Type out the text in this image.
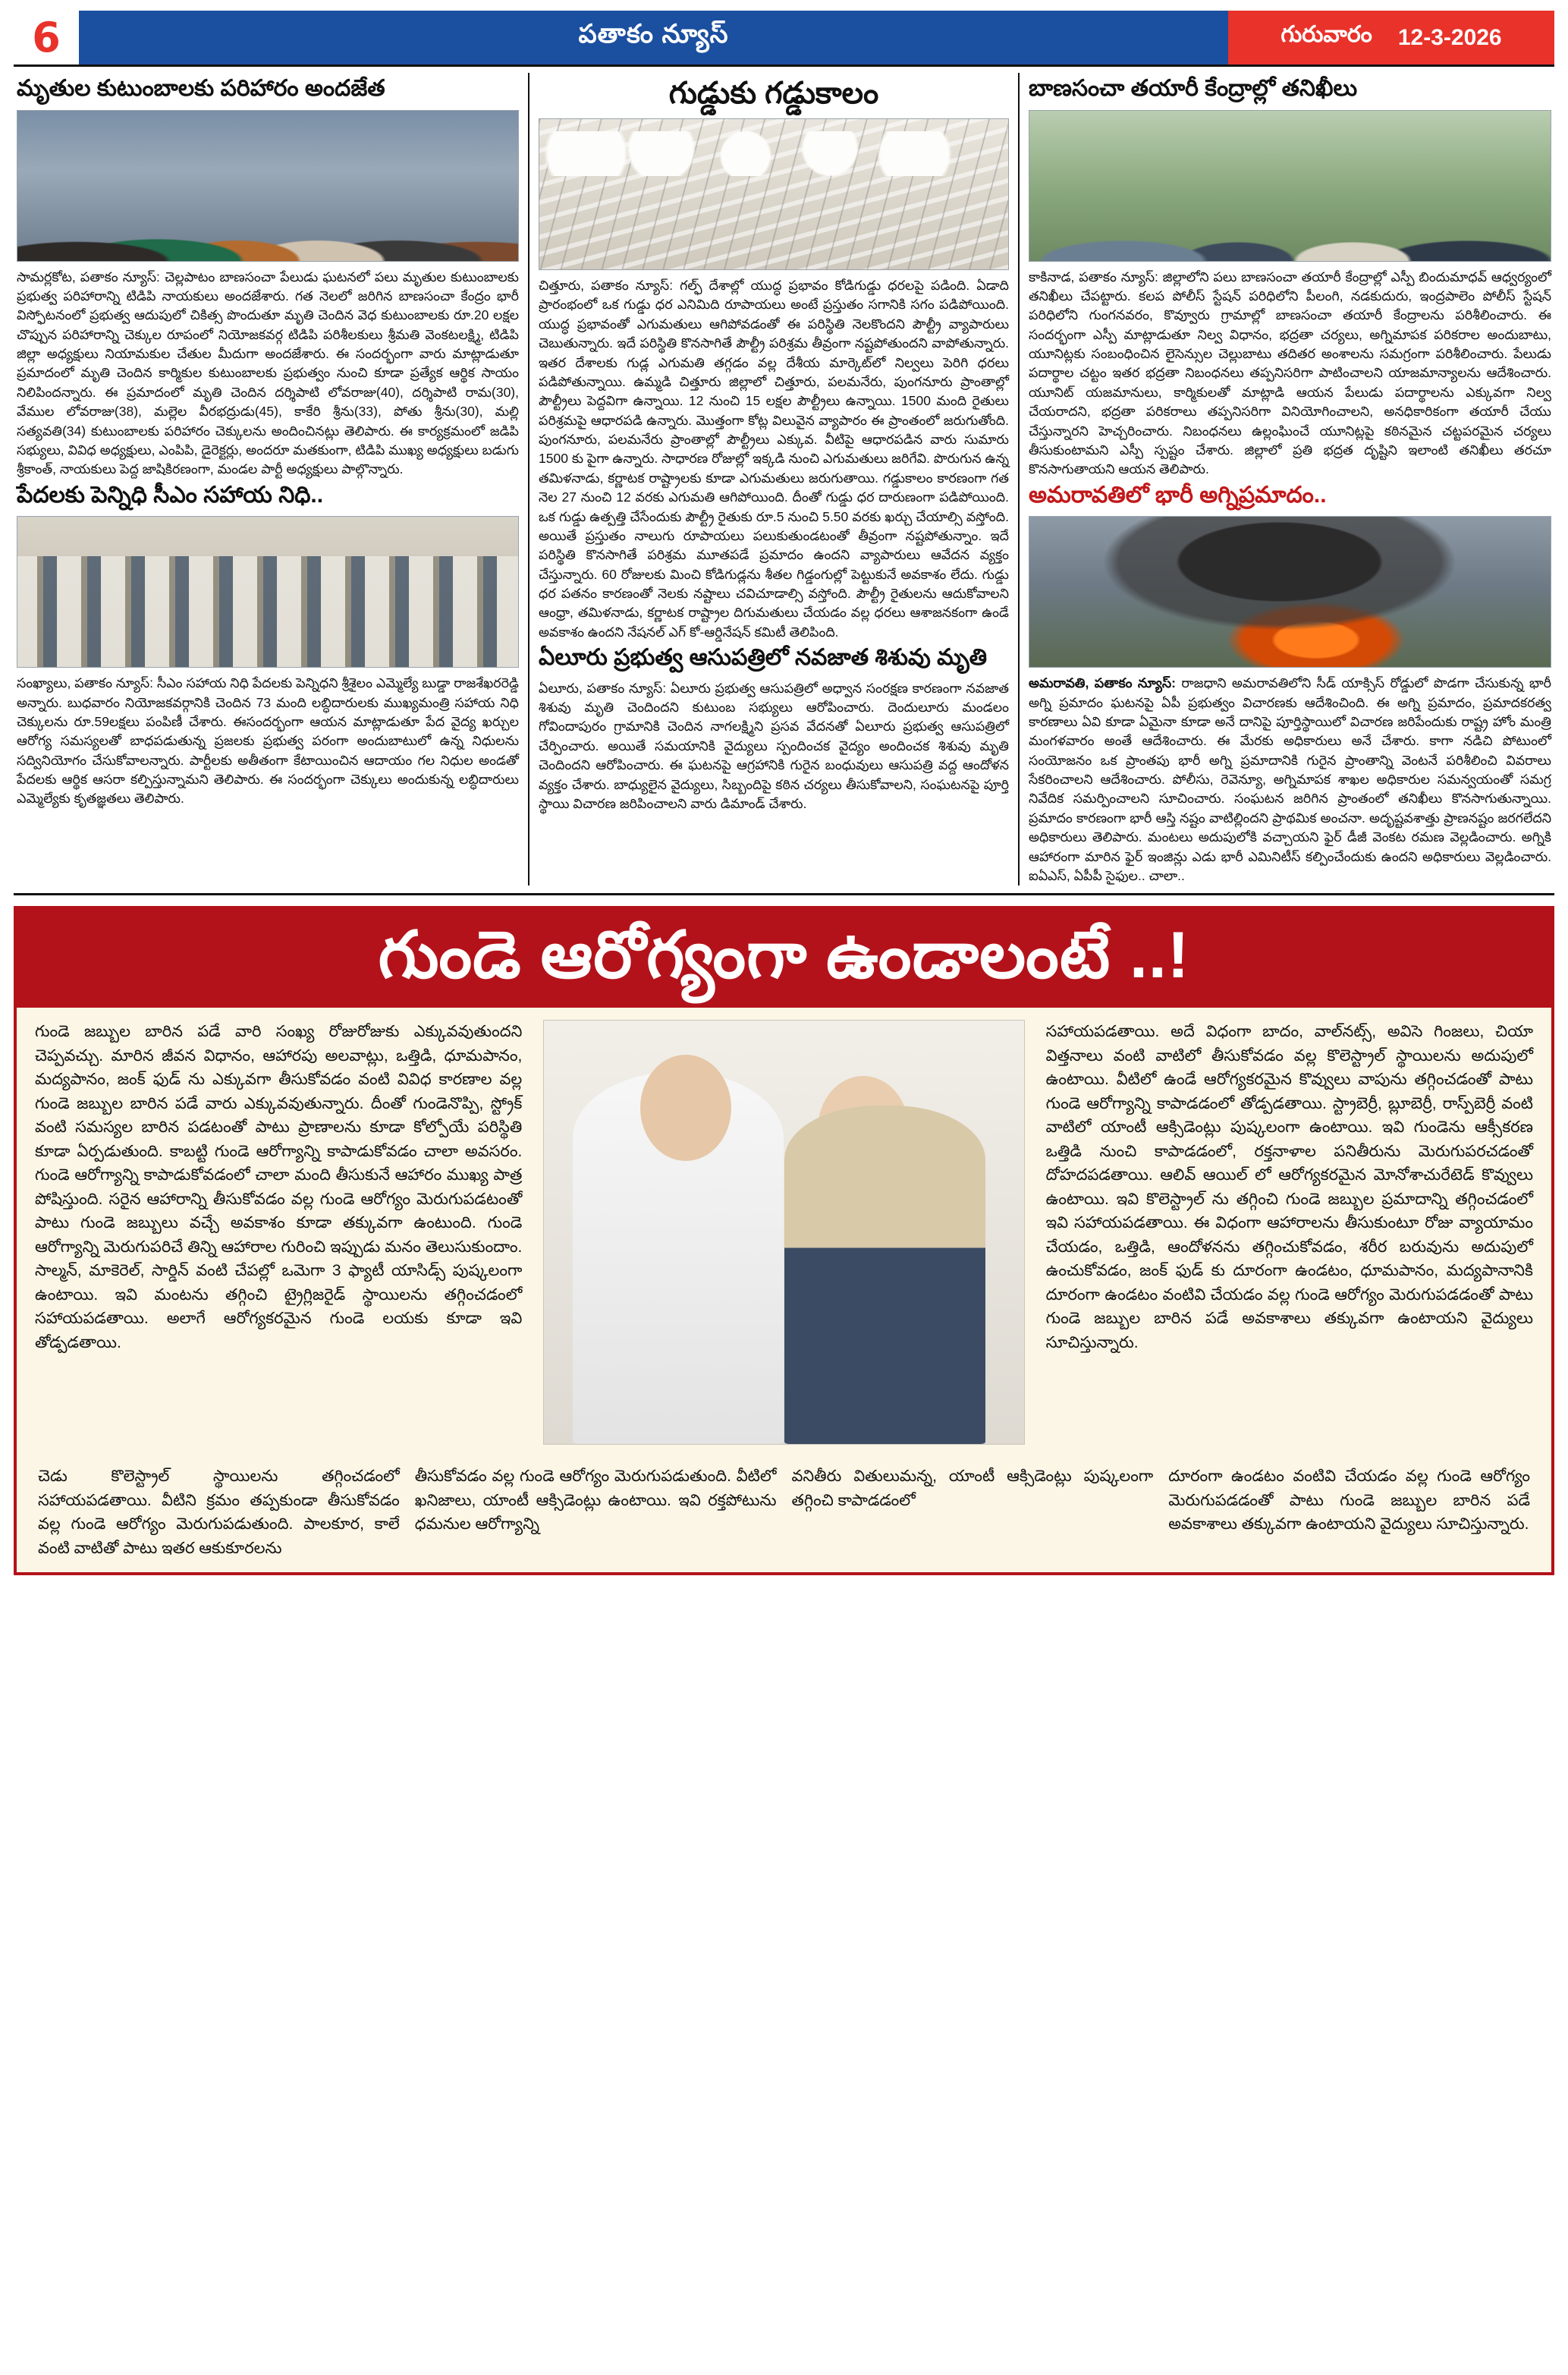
6	పతాకం న్యూస్	గురువారం 12-3-2026
మృతుల కుటుంబాలకు పరిహారం అందజేత
సామర్లకోట, పతాకం న్యూస్‌: చెల్లపాటం బాణసంచా పేలుడు ఘటనలో పలు మృతుల కుటుంబాలకు ప్రభుత్వ పరిహారాన్ని టిడిపి నాయకులు అందజేశారు. గత నెలలో జరిగిన బాణసంచా కేంద్రం భారీ విస్ఫోటనంలో ప్రభుత్వ ఆదుపులో చికిత్స పొందుతూ మృతి చెందిన వెధ కుటుంబాలకు రూ.20 లక్షల చొప్పున పరిహారాన్ని చెక్కుల రూపంలో నియోజకవర్గ టిడిపి పరిశీలకులు శ్రీమతి వెంకటలక్ష్మి, టిడిపి జిల్లా అధ్యక్షులు నియామకుల చేతుల మీదుగా అందజేశారు. ఈ సందర్భంగా వారు మాట్లాడుతూ ప్రమాదంలో మృతి చెందిన కార్మికుల కుటుంబాలకు ప్రభుత్వం నుంచి కూడా ప్రత్యేక ఆర్థిక సాయం నిలిపిందన్నారు. ఈ ప్రమాదంలో మృతి చెందిన దర్శిపాటి లోవరాజు(40), దర్శిపాటి రామ(30), వేముల లోవరాజు(38), మల్లెల వీరభద్రుడు(45), కాకేరి శ్రీను(33), పోతు శ్రీను(30), మల్లి సత్యవతి(34) కుటుంబాలకు పరిహారం చెక్కులను అందించినట్లు తెలిపారు. ఈ కార్యక్రమంలో జడిపి సభ్యులు, వివిధ అధ్యక్షులు, ఎంపిపి, డైరెక్టర్లు, అందరూ మతకుంగా, టిడిపి ముఖ్య అధ్యక్షులు బడుగు శ్రీకాంత్, నాయకులు పెద్ద జాషికిరణంగా, మండల పార్టీ అధ్యక్షులు పాల్గొన్నారు.
పేదలకు పెన్నిధి సీఎం సహాయ నిధి..
సంఖ్యాలు, పతాకం న్యూస్‌: సీఎం సహాయ నిధి పేదలకు పెన్నిధని శ్రీశైలం ఎమ్మెల్యే బుడ్డా రాజశేఖరరెడ్డి అన్నారు. బుధవారం నియోజకవర్గానికి చెందిన 73 మంది లబ్ధిదారులకు ముఖ్యమంత్రి సహాయ నిధి చెక్కులను రూ.59లక్షలు పంపిణీ చేశారు. ఈసందర్భంగా ఆయన మాట్లాడుతూ పేద వైద్య ఖర్చుల ఆరోగ్య సమస్యలతో బాధపడుతున్న ప్రజలకు ప్రభుత్వ పరంగా అందుబాటులో ఉన్న నిధులను సద్వినియోగం చేసుకోవాలన్నారు. పార్టీలకు అతీతంగా కేటాయించిన ఆదాయం గల నిధుల అండతో పేదలకు ఆర్థిక ఆసరా కల్పిస్తున్నామని తెలిపారు. ఈ సందర్భంగా చెక్కులు అందుకున్న లబ్ధిదారులు ఎమ్మెల్యేకు కృతజ్ఞతలు తెలిపారు.
గుడ్డుకు గడ్డుకాలం
చిత్తూరు, పతాకం న్యూస్‌: గల్ఫ్ దేశాల్లో యుద్ధ ప్రభావం కోడిగుడ్డు ధరలపై పడింది. ఏడాది ప్రారంభంలో ఒక గుడ్డు ధర ఎనిమిది రూపాయలు అంటే ప్రస్తుతం సగానికి సగం పడిపోయింది. యుద్ధ ప్రభావంతో ఎగుమతులు ఆగిపోవడంతో ఈ పరిస్థితి నెలకొందని పౌల్ట్రీ వ్యాపారులు చెబుతున్నారు. ఇదే పరిస్థితి కొనసాగితే పౌల్ట్రీ పరిశ్రమ తీవ్రంగా నష్టపోతుందని వాపోతున్నారు. ఇతర దేశాలకు గుడ్ల ఎగుమతి తగ్గడం వల్ల దేశీయ మార్కెట్‌లో నిల్వలు పెరిగి ధరలు పడిపోతున్నాయి. ఉమ్మడి చిత్తూరు జిల్లాలో చిత్తూరు, పలమనేరు, పుంగనూరు ప్రాంతాల్లో పౌల్ట్రీలు పెద్దవిగా ఉన్నాయి. 12 నుంచి 15 లక్షల పౌల్ట్రీలు ఉన్నాయి. 1500 మంది రైతులు పరిశ్రమపై ఆధారపడి ఉన్నారు. మొత్తంగా కోట్ల విలువైన వ్యాపారం ఈ ప్రాంతంలో జరుగుతోంది. పుంగనూరు, పలమనేరు ప్రాంతాల్లో పౌల్ట్రీలు ఎక్కువ. వీటిపై ఆధారపడిన వారు సుమారు 1500 కు పైగా ఉన్నారు. సాధారణ రోజుల్లో ఇక్కడి నుంచి ఎగుమతులు జరిగేవి. పొరుగున ఉన్న తమిళనాడు, కర్ణాటక రాష్ట్రాలకు కూడా ఎగుమతులు జరుగుతాయి. గడ్డుకాలం కారణంగా గత నెల 27 నుంచి 12 వరకు ఎగుమతి ఆగిపోయింది. దీంతో గుడ్డు ధర దారుణంగా పడిపోయింది. ఒక గుడ్డు ఉత్పత్తి చేసేందుకు పౌల్ట్రీ రైతుకు రూ.5 నుంచి 5.50 వరకు ఖర్చు చేయాల్సి వస్తోంది. అయితే ప్రస్తుతం నాలుగు రూపాయలు పలుకుతుండటంతో తీవ్రంగా నష్టపోతున్నాం. ఇదే పరిస్థితి కొనసాగితే పరిశ్రమ మూతపడే ప్రమాదం ఉందని వ్యాపారులు ఆవేదన వ్యక్తం చేస్తున్నారు. 60 రోజులకు మించి కోడిగుడ్లను శీతల గిడ్డంగుల్లో పెట్టుకునే అవకాశం లేదు. గుడ్డు ధర పతనం కారణంతో నెలకు నష్టాలు చవిచూడాల్సి వస్తోంది. పౌల్ట్రీ రైతులను ఆదుకోవాలని ఆంధ్రా, తమిళనాడు, కర్ణాటక రాష్ట్రాల దిగుమతులు చేయడం వల్ల ధరలు ఆశాజనకంగా ఉండే అవకాశం ఉందని నేషనల్ ఎగ్ కో-ఆర్డినేషన్ కమిటీ తెలిపింది.
ఏలూరు ప్రభుత్వ ఆసుపత్రిలో నవజాత శిశువు మృతి
ఏలూరు, పతాకం న్యూస్‌: ఏలూరు ప్రభుత్వ ఆసుపత్రిలో అధ్వాన సంరక్షణ కారణంగా నవజాత శిశువు మృతి చెందిందని కుటుంబ సభ్యులు ఆరోపించారు. దెందులూరు మండలం గోవిందాపురం గ్రామానికి చెందిన నాగలక్ష్మిని ప్రసవ వేదనతో ఏలూరు ప్రభుత్వ ఆసుపత్రిలో చేర్పించారు. అయితే సమయానికి వైద్యులు స్పందించక వైద్యం అందించక శిశువు మృతి చెందిందని ఆరోపించారు. ఈ ఘటనపై ఆగ్రహానికి గురైన బంధువులు ఆసుపత్రి వద్ద ఆందోళన వ్యక్తం చేశారు. బాధ్యులైన వైద్యులు, సిబ్బందిపై కఠిన చర్యలు తీసుకోవాలని, సంఘటనపై పూర్తి స్థాయి విచారణ జరిపించాలని వారు డిమాండ్ చేశారు.
బాణసంచా తయారీ కేంద్రాల్లో తనిఖీలు
కాకినాడ, పతాకం న్యూస్‌: జిల్లాలోని పలు బాణసంచా తయారీ కేంద్రాల్లో ఎస్పీ బిందుమాధవ్ ఆధ్వర్యంలో తనిఖీలు చేపట్టారు. కలప పోలీస్ స్టేషన్ పరిధిలోని పీలంగి, నడకుదురు, ఇంద్రపాలెం పోలీస్ స్టేషన్ పరిధిలోని గుంగనవరం, కొవ్వూరు గ్రామాల్లో బాణసంచా తయారీ కేంద్రాలను పరిశీలించారు. ఈ సందర్భంగా ఎస్పీ మాట్లాడుతూ నిల్వ విధానం, భద్రతా చర్యలు, అగ్నిమాపక పరికరాల అందుబాటు, యూనిట్లకు సంబంధించిన లైసెన్సుల చెల్లుబాటు తదితర అంశాలను సమగ్రంగా పరిశీలించారు. పేలుడు పదార్థాల చట్టం ఇతర భద్రతా నిబంధనలు తప్పనిసరిగా పాటించాలని యాజమాన్యాలను ఆదేశించారు. యూనిట్ యజమానులు, కార్మికులతో మాట్లాడి ఆయన పేలుడు పదార్థాలను ఎక్కువగా నిల్వ చేయరాదని, భద్రతా పరికరాలు తప్పనిసరిగా వినియోగించాలని, అనధికారికంగా తయారీ చేయు చేస్తున్నారని హెచ్చరించారు. నిబంధనలు ఉల్లంఘించే యూనిట్లపై కఠినమైన చట్టపరమైన చర్యలు తీసుకుంటామని ఎస్పీ స్పష్టం చేశారు. జిల్లాలో ప్రతి భద్రత దృష్టిని ఇలాంటి తనిఖీలు తరచూ కొనసాగుతాయని ఆయన తెలిపారు.
అమరావతిలో భారీ అగ్నిప్రమాదం..
అమరావతి, పతాకం న్యూస్‌: రాజధాని అమరావతిలోని సీడ్ యాక్సిస్ రోడ్డులో పొడగా చేసుకున్న భారీ అగ్ని ప్రమాదం ఘటనపై ఏపీ ప్రభుత్వం విచారణకు ఆదేశించింది. ఈ అగ్ని ప్రమాదం, ప్రమాదకరత్వ కారణాలు ఏవి కూడా ఏమైనా కూడా అనే దానిపై పూర్తిస్థాయిలో విచారణ జరిపేందుకు రాష్ట్ర హోం మంత్రి మంగళవారం అంతే ఆదేశించారు. ఈ మేరకు అధికారులు అనే చేశారు. కాగా నడిచి పోటుంలో సంయోజనం ఒక ప్రాంతపు భారీ అగ్ని ప్రమాదానికి గురైన ప్రాంతాన్ని వెంటనే పరిశీలించి వివరాలు సేకరించాలని ఆదేశించారు. పోలీసు, రెవెన్యూ, అగ్నిమాపక శాఖల అధికారుల సమన్వయంతో సమగ్ర నివేదిక సమర్పించాలని సూచించారు. సంఘటన జరిగిన ప్రాంతంలో తనిఖీలు కొనసాగుతున్నాయి. ప్రమాదం కారణంగా భారీ ఆస్తి నష్టం వాటిల్లిందని ప్రాథమిక అంచనా. అదృష్టవశాత్తు ప్రాణనష్టం జరగలేదని అధికారులు తెలిపారు. మంటలు అదుపులోకి వచ్చాయని ఫైర్ డీజీ వెంకట రమణ వెల్లడించారు. అగ్నికి ఆహారంగా మారిన ఫైర్ ఇంజిన్లు ఎడు భారీ ఎమినిటీస్ కల్పించేందుకు ఉందని అధికారులు వెల్లడించారు. ఐఏఎస్, ఏపీపీ సైఫుల.. చాలా..
గుండె ఆరోగ్యంగా ఉండాలంటే ..!
గుండె జబ్బుల బారిన పడే వారి సంఖ్య రోజురోజుకు ఎక్కువవుతుందని చెప్పవచ్చు. మారిన జీవన విధానం, ఆహారపు అలవాట్లు, ఒత్తిడి, ధూమపానం, మద్యపానం, జంక్ ఫుడ్ ను ఎక్కువగా తీసుకోవడం వంటి వివిధ కారణాల వల్ల గుండె జబ్బుల బారిన పడే వారు ఎక్కువవుతున్నారు. దీంతో గుండెనొప్పి, స్ట్రోక్ వంటి సమస్యల బారిన పడటంతో పాటు ప్రాణాలను కూడా కోల్పోయే పరిస్థితి కూడా ఏర్పడుతుంది. కాబట్టి గుండె ఆరోగ్యాన్ని కాపాడుకోవడం చాలా అవసరం. గుండె ఆరోగ్యాన్ని కాపాడుకోవడంలో చాలా మంది తీసుకునే ఆహారం ముఖ్య పాత్ర పోషిస్తుంది. సరైన ఆహారాన్ని తీసుకోవడం వల్ల గుండె ఆరోగ్యం మెరుగుపడటంతో పాటు గుండె జబ్బులు వచ్చే అవకాశం కూడా తక్కువగా ఉంటుంది. గుండె ఆరోగ్యాన్ని మెరుగుపరిచే తిన్ని ఆహారాల గురించి ఇప్పుడు మనం తెలుసుకుందాం. సాల్మన్, మాకెరెల్, సార్డిన్ వంటి చేపల్లో ఒమెగా 3 ఫ్యాటీ యాసిడ్స్ పుష్కలంగా ఉంటాయి. ఇవి మంటను తగ్గించి ట్రైగ్లిజరైడ్ స్థాయిలను తగ్గించడంలో సహాయపడతాయి. అలాగే ఆరోగ్యకరమైన గుండె లయకు కూడా ఇవి తోడ్పడతాయి.
సహాయపడతాయి. అదే విధంగా బాదం, వాల్‌నట్స్, అవిసె గింజలు, చియా విత్తనాలు వంటి వాటిలో తీసుకోవడం వల్ల కొలెస్ట్రాల్ స్థాయిలను అదుపులో ఉంటాయి. వీటిలో ఉండే ఆరోగ్యకరమైన కొవ్వులు వాపును తగ్గించడంతో పాటు గుండె ఆరోగ్యాన్ని కాపాడడంలో తోడ్పడతాయి. స్ట్రాబెర్రీ, బ్లూబెర్రీ, రాస్ప్‌బెర్రీ వంటి వాటిలో యాంటీ ఆక్సిడెంట్లు పుష్కలంగా ఉంటాయి. ఇవి గుండెను ఆక్సీకరణ ఒత్తిడి నుంచి కాపాడడంలో, రక్తనాళాల పనితీరును మెరుగుపరచడంతో దోహదపడతాయి. ఆలివ్ ఆయిల్ లో ఆరోగ్యకరమైన మోనోశాచురేటెడ్ కొవ్వులు ఉంటాయి. ఇవి కొలెస్ట్రాల్ ను తగ్గించి గుండె జబ్బుల ప్రమాదాన్ని తగ్గించడంలో ఇవి సహాయపడతాయి. ఈ విధంగా ఆహారాలను తీసుకుంటూ రోజు వ్యాయామం చేయడం, ఒత్తిడి, ఆందోళనను తగ్గించుకోవడం, శరీర బరువును అదుపులో ఉంచుకోవడం, జంక్ ఫుడ్ కు దూరంగా ఉండటం, ధూమపానం, మద్యపానానికి దూరంగా ఉండటం వంటివి చేయడం వల్ల గుండె ఆరోగ్యం మెరుగుపడడంతో పాటు గుండె జబ్బుల బారిన పడే అవకాశాలు తక్కువగా ఉంటాయని వైద్యులు సూచిస్తున్నారు.
చెడు కొలెస్ట్రాల్ స్థాయిలను తగ్గించడంలో సహాయపడతాయి. వీటిని క్రమం తప్పకుండా తీసుకోవడం వల్ల గుండె ఆరోగ్యం మెరుగుపడుతుంది. పాలకూర, కాలే వంటి వాటితో పాటు ఇతర ఆకుకూరలను
తీసుకోవడం వల్ల గుండె ఆరోగ్యం మెరుగుపడుతుంది. వీటిలో ఖనిజాలు, యాంటీ ఆక్సిడెంట్లు ఉంటాయి. ఇవి రక్తపోటును ధమనుల ఆరోగ్యాన్ని
వనితీరు వితులుమన్న, యాంటీ ఆక్సిడెంట్లు పుష్కలంగా తగ్గించి కాపాడడంలో
దూరంగా ఉండటం వంటివి చేయడం వల్ల గుండె ఆరోగ్యం మెరుగుపడడంతో పాటు గుండె జబ్బుల బారిన పడే అవకాశాలు తక్కువగా ఉంటాయని వైద్యులు సూచిస్తున్నారు.
